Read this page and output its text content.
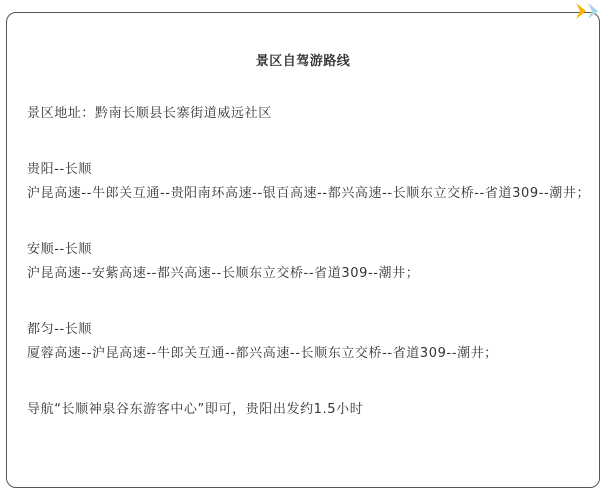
景区自驾游路线

景区地址：黔南长顺县长寨街道威远社区

贵阳--长顺

沪昆高速--牛郎关互通--贵阳南环高速--银百高速--都兴高速--长顺东立交桥--省道309--潮井；

安顺--长顺

沪昆高速--安紫高速--都兴高速--长顺东立交桥--省道309--潮井；

都匀--长顺

厦蓉高速--沪昆高速--牛郎关互通--都兴高速--长顺东立交桥--省道309--潮井；

导航“长顺神泉谷东游客中心”即可，贵阳出发约1.5小时
